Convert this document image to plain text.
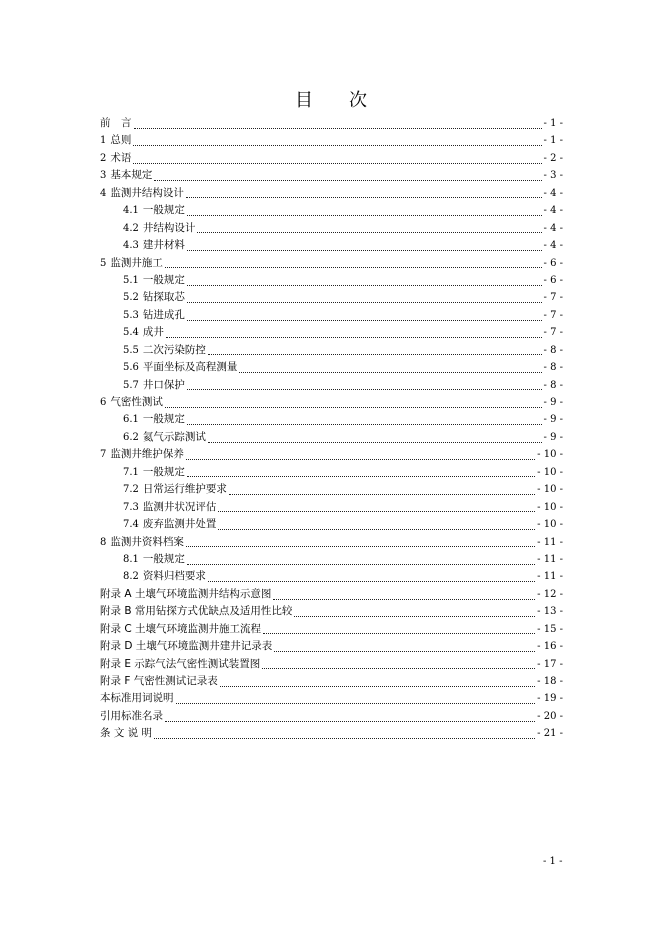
目 次
前　言	- 1 -
1 总则	- 1 -
2 术语	- 2 -
3 基本规定	- 3 -
4 监测井结构设计	- 4 -
4.1 一般规定	- 4 -
4.2 井结构设计	- 4 -
4.3 建井材料	- 4 -
5 监测井施工	- 6 -
5.1 一般规定	- 6 -
5.2 钻探取芯	- 7 -
5.3 钻进成孔	- 7 -
5.4 成井	- 7 -
5.5 二次污染防控	- 8 -
5.6 平面坐标及高程测量	- 8 -
5.7 井口保护	- 8 -
6 气密性测试	- 9 -
6.1 一般规定	- 9 -
6.2 氦气示踪测试	- 9 -
7 监测井维护保养	- 10 -
7.1 一般规定	- 10 -
7.2 日常运行维护要求	- 10 -
7.3 监测井状况评估	- 10 -
7.4 废弃监测井处置	- 10 -
8 监测井资料档案	- 11 -
8.1 一般规定	- 11 -
8.2 资料归档要求	- 11 -
附录 A 土壤气环境监测井结构示意图	- 12 -
附录 B 常用钻探方式优缺点及适用性比较	- 13 -
附录 C 土壤气环境监测井施工流程	- 15 -
附录 D 土壤气环境监测井建井记录表	- 16 -
附录 E 示踪气法气密性测试装置图	- 17 -
附录 F 气密性测试记录表	- 18 -
本标准用词说明	- 19 -
引用标准名录	- 20 -
条 文 说 明	- 21 -
- 1 -
